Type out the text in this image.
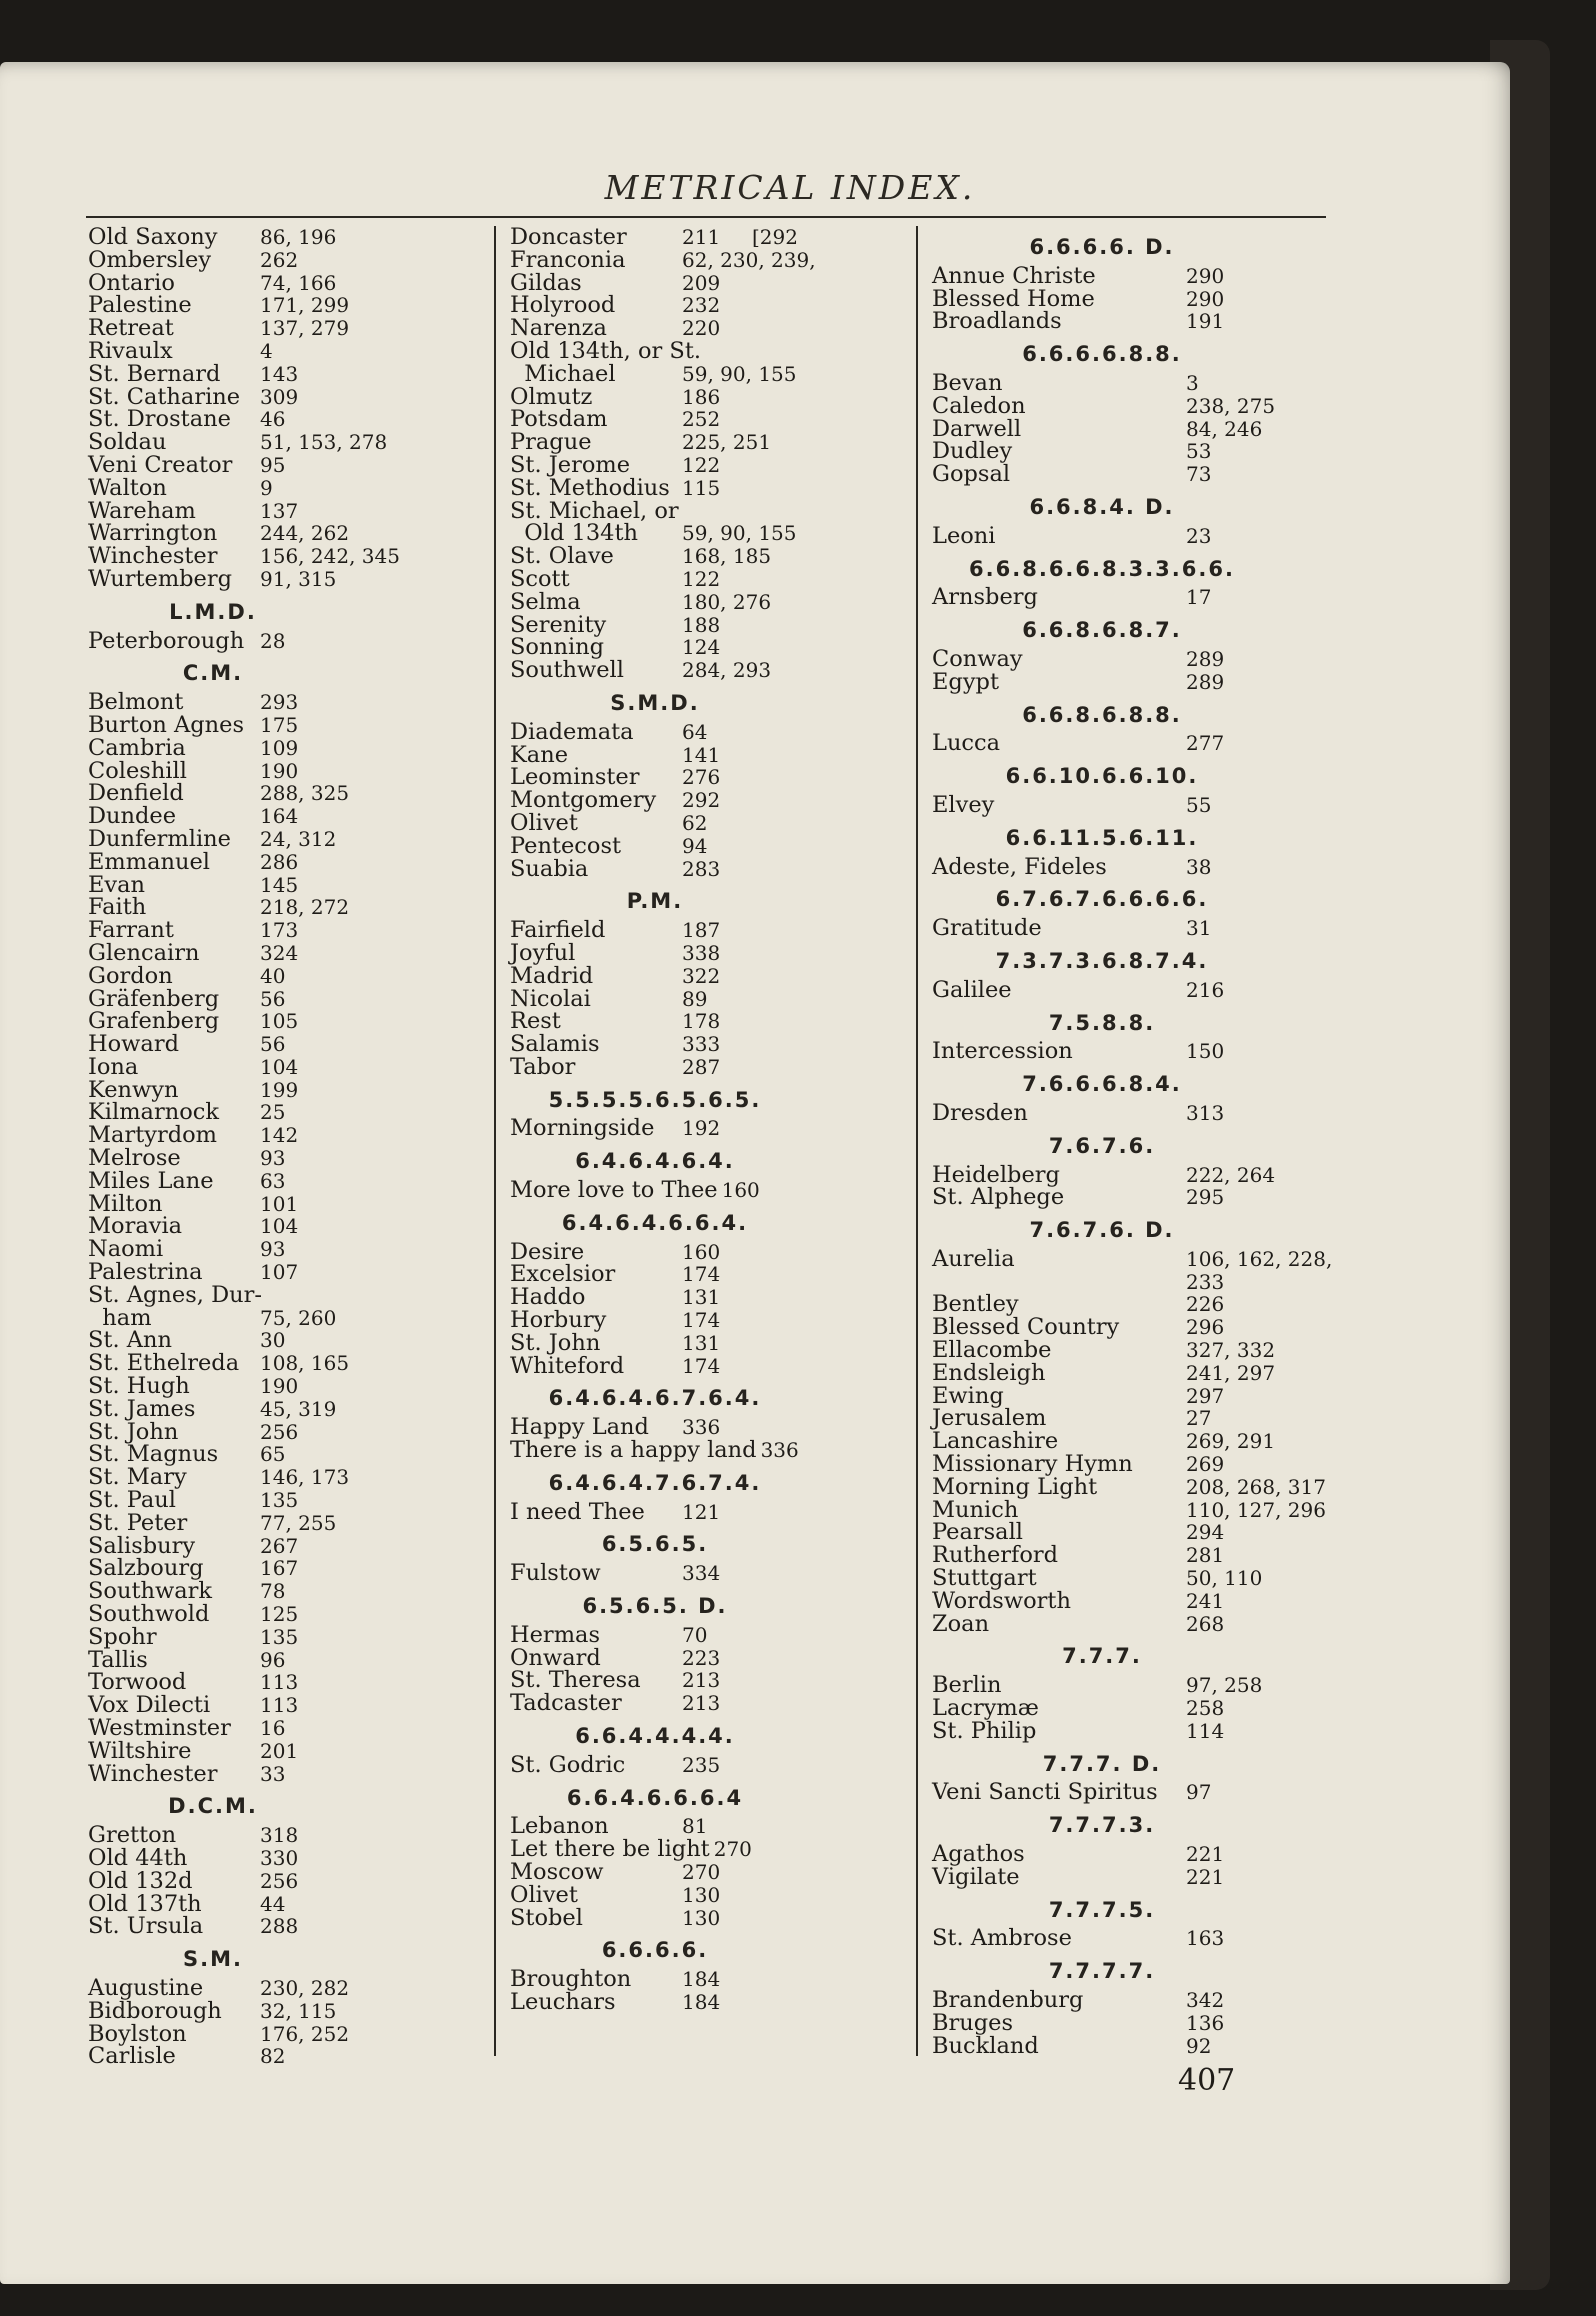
METRICAL INDEX.
Old Saxony	86, 196
Ombersley	262
Ontario	74, 166
Palestine	171, 299
Retreat	137, 279
Rivaulx	4
St. Bernard	143
St. Catharine 309
St. Drostane	46
Soldau	51, 153, 278
Veni Creator	95
Walton	9
Wareham	137
Warrington	244, 262
Winchester	156, 242, 345
Wurtemberg	91, 315
L.M.D.
Peterborough 28
C.M.
Belmont	293
Burton Agnes 175
Cambria	109
Coleshill	190
Denfield	288, 325
Dundee	164
Dunfermline	24, 312
Emmanuel	286
Evan	145
Faith	218, 272
Farrant	173
Glencairn	324
Gordon	40
Gräfenberg	56
Grafenberg	105
Howard	56
Iona	104
Kenwyn	199
Kilmarnock	25
Martyrdom	142
Melrose	93
Miles Lane	63
Milton	101
Moravia	104
Naomi	93
Palestrina	107
St. Agnes, Dur-
ham	75, 260
St. Ann	30
St. Ethelreda	108, 165
St. Hugh	190
St. James	45, 319
St. John	256
St. Magnus	65
St. Mary	146, 173
St. Paul	135
St. Peter	77, 255
Salisbury	267
Salzbourg	167
Southwark	78
Southwold	125
Spohr	135
Tallis	96
Torwood	113
Vox Dilecti	113
Westminster	16
Wiltshire	201
Winchester	33
D.C.M.
Gretton	318
Old 44th	330
Old 132d	256
Old 137th	44
St. Ursula	288
S.M.
Augustine	230, 282
Bidborough	32, 115
Boylston	176, 252
Carlisle	82
Doncaster	211     [292
Franconia	62, 230, 239,
Gildas	209
Holyrood	232
Narenza	220
Old 134th, or St.
Michael	59, 90, 155
Olmutz	186
Potsdam	252
Prague	225, 251
St. Jerome	122
St. Methodius 115
St. Michael, or
Old 134th	59, 90, 155
St. Olave	168, 185
Scott	122
Selma	180, 276
Serenity	188
Sonning	124
Southwell	284, 293
S.M.D.
Diademata	64
Kane	141
Leominster	276
Montgomery	292
Olivet	62
Pentecost	94
Suabia	283
P.M.
Fairfield	187
Joyful	338
Madrid	322
Nicolai	89
Rest	178
Salamis	333
Tabor	287
5.5.5.5.6.5.6.5.
Morningside	192
6.4.6.4.6.4.
More love to Thee 160
6.4.6.4.6.6.4.
Desire	160
Excelsior	174
Haddo	131
Horbury	174
St. John	131
Whiteford	174
6.4.6.4.6.7.6.4.
Happy Land	336
There is a happy land 336
6.4.6.4.7.6.7.4.
I need Thee	121
6.5.6.5.
Fulstow	334
6.5.6.5. D.
Hermas	70
Onward	223
St. Theresa	213
Tadcaster	213
6.6.4.4.4.4.
St. Godric	235
6.6.4.6.6.6.4
Lebanon	81
Let there be light 270
Moscow	270
Olivet	130
Stobel	130
6.6.6.6.
Broughton	184
Leuchars	184
6.6.6.6. D.
Annue Christe	290
Blessed Home	290
Broadlands	191
6.6.6.6.8.8.
Bevan	3
Caledon	238, 275
Darwell	84, 246
Dudley	53
Gopsal	73
6.6.8.4. D.
Leoni	23
6.6.8.6.6.8.3.3.6.6.
Arnsberg	17
6.6.8.6.8.7.
Conway	289
Egypt	289
6.6.8.6.8.8.
Lucca	277
6.6.10.6.6.10.
Elvey	55
6.6.11.5.6.11.
Adeste, Fideles	38
6.7.6.7.6.6.6.6.
Gratitude	31
7.3.7.3.6.8.7.4.
Galilee	216
7.5.8.8.
Intercession	150
7.6.6.6.8.4.
Dresden	313
7.6.7.6.
Heidelberg	222, 264
St. Alphege	295
7.6.7.6. D.
Aurelia	106, 162, 228,
233
Bentley	226
Blessed Country	296
Ellacombe	327, 332
Endsleigh	241, 297
Ewing	297
Jerusalem	27
Lancashire	269, 291
Missionary Hymn	269
Morning Light	208, 268, 317
Munich	110, 127, 296
Pearsall	294
Rutherford	281
Stuttgart	50, 110
Wordsworth	241
Zoan	268
7.7.7.
Berlin	97, 258
Lacrymæ	258
St. Philip	114
7.7.7. D.
Veni Sancti Spiritus	97
7.7.7.3.
Agathos	221
Vigilate	221
7.7.7.5.
St. Ambrose	163
7.7.7.7.
Brandenburg	342
Bruges	136
Buckland	92
407
